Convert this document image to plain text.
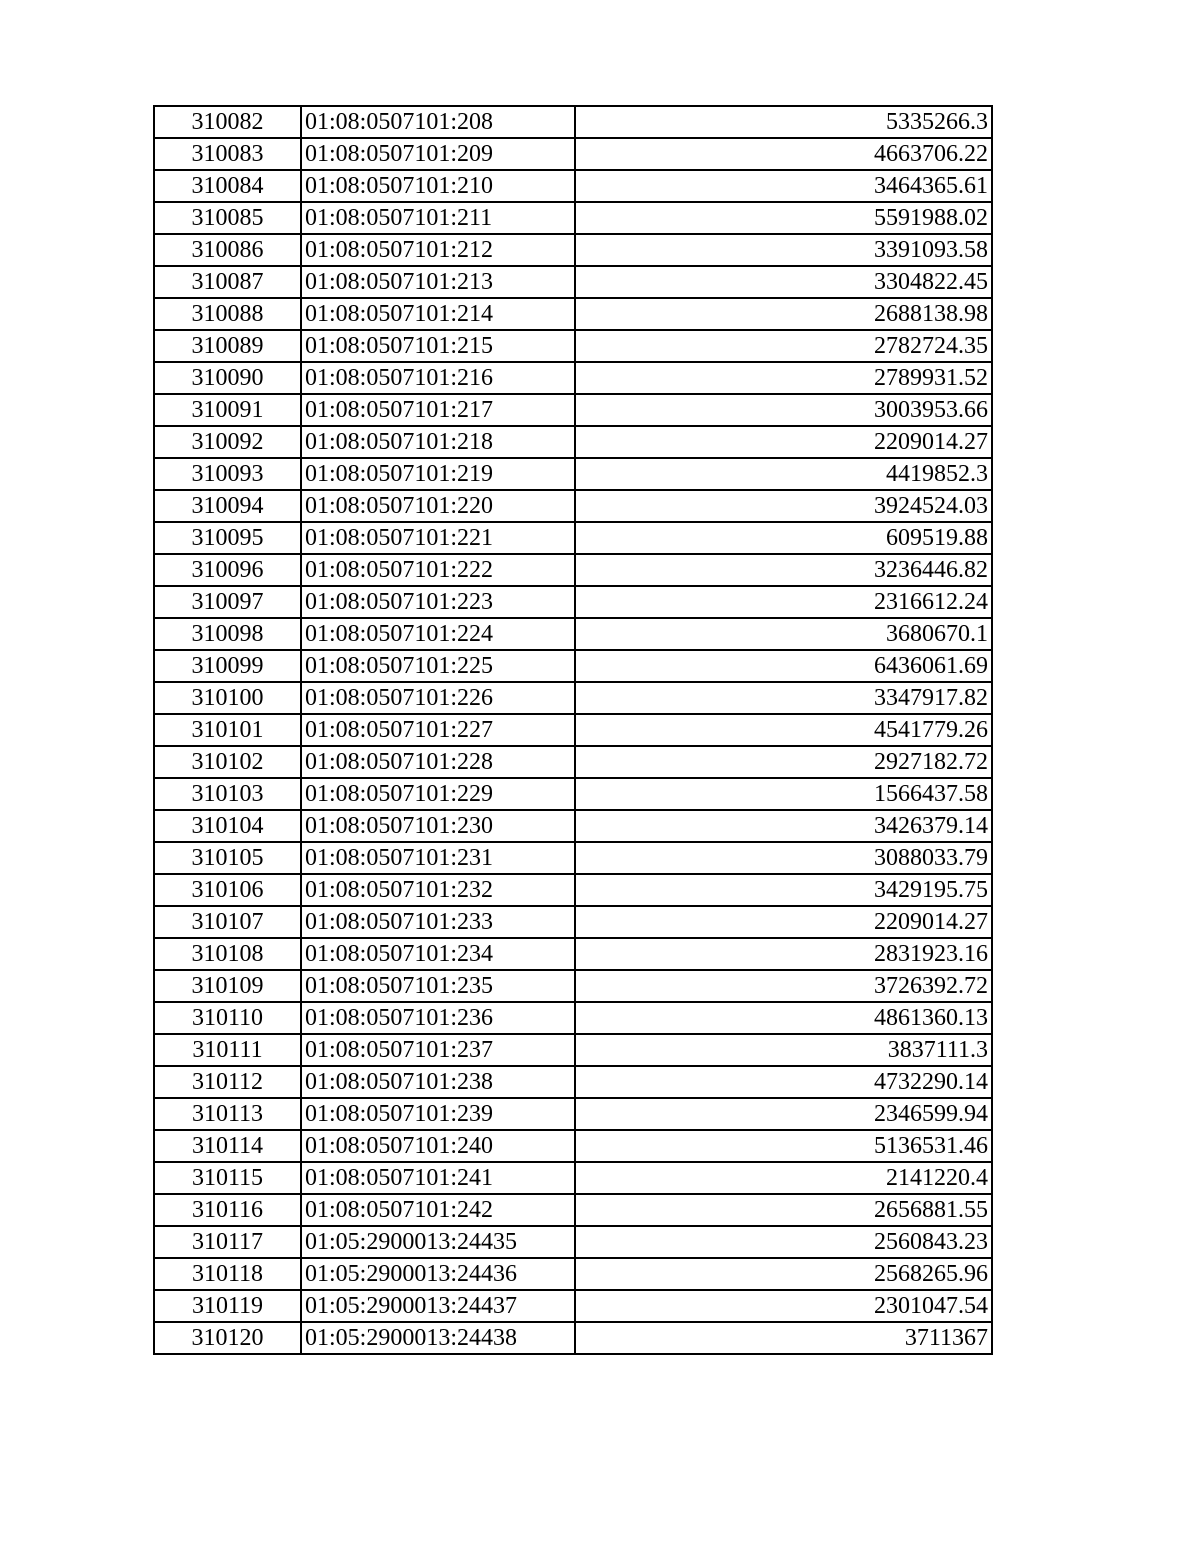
310082	01:08:0507101:208	5335266.3
310083	01:08:0507101:209	4663706.22
310084	01:08:0507101:210	3464365.61
310085	01:08:0507101:211	5591988.02
310086	01:08:0507101:212	3391093.58
310087	01:08:0507101:213	3304822.45
310088	01:08:0507101:214	2688138.98
310089	01:08:0507101:215	2782724.35
310090	01:08:0507101:216	2789931.52
310091	01:08:0507101:217	3003953.66
310092	01:08:0507101:218	2209014.27
310093	01:08:0507101:219	4419852.3
310094	01:08:0507101:220	3924524.03
310095	01:08:0507101:221	609519.88
310096	01:08:0507101:222	3236446.82
310097	01:08:0507101:223	2316612.24
310098	01:08:0507101:224	3680670.1
310099	01:08:0507101:225	6436061.69
310100	01:08:0507101:226	3347917.82
310101	01:08:0507101:227	4541779.26
310102	01:08:0507101:228	2927182.72
310103	01:08:0507101:229	1566437.58
310104	01:08:0507101:230	3426379.14
310105	01:08:0507101:231	3088033.79
310106	01:08:0507101:232	3429195.75
310107	01:08:0507101:233	2209014.27
310108	01:08:0507101:234	2831923.16
310109	01:08:0507101:235	3726392.72
310110	01:08:0507101:236	4861360.13
310111	01:08:0507101:237	3837111.3
310112	01:08:0507101:238	4732290.14
310113	01:08:0507101:239	2346599.94
310114	01:08:0507101:240	5136531.46
310115	01:08:0507101:241	2141220.4
310116	01:08:0507101:242	2656881.55
310117	01:05:2900013:24435	2560843.23
310118	01:05:2900013:24436	2568265.96
310119	01:05:2900013:24437	2301047.54
310120	01:05:2900013:24438	3711367
